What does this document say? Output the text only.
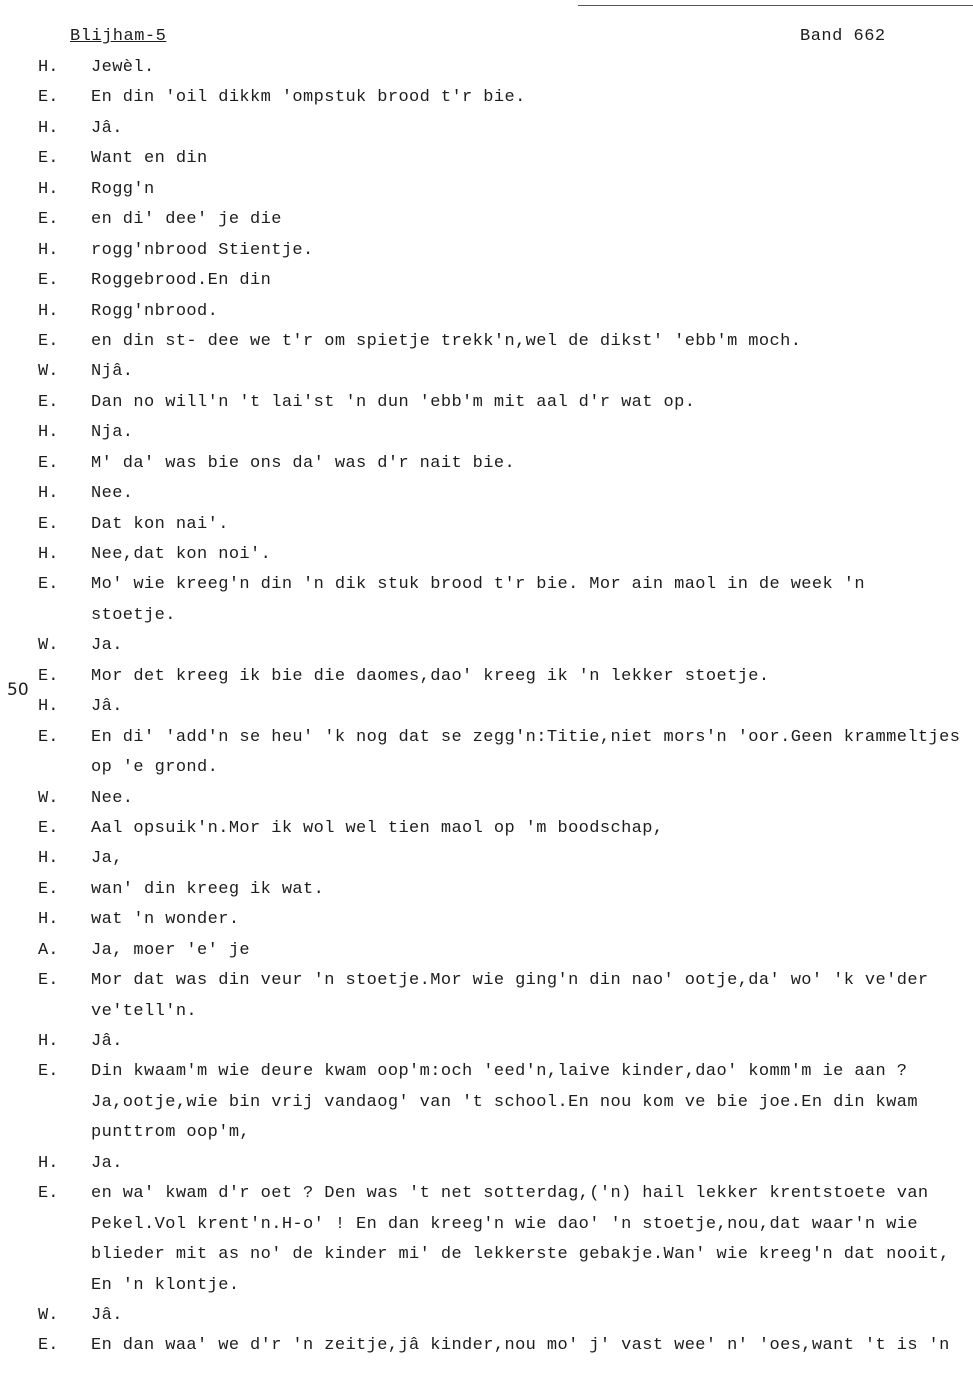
Blijham-5	Band 662
50
H. Jewèl.
E. En din 'oil dikkm 'ompstuk brood t'r bie.
H. Jâ.
E. Want en din
H. Rogg'n
E. en di' dee' je die
H. rogg'nbrood Stientje.
E. Roggebrood.En din
H. Rogg'nbrood.
E. en din st- dee we t'r om spietje trekk'n,wel de dikst' 'ebb'm moch.
W. Njâ.
E. Dan no will'n 't lai'st 'n dun 'ebb'm mit aal d'r wat op.
H. Nja.
E. M' da' was bie ons da' was d'r nait bie.
H. Nee.
E. Dat kon nai'.
H. Nee,dat kon noi'.
E. Mo' wie kreeg'n din 'n dik stuk brood t'r bie. Mor ain maol in de week 'n
stoetje.
W. Ja.
E. Mor det kreeg ik bie die daomes,dao' kreeg ik 'n lekker stoetje.
H. Jâ.
E. En di' 'add'n se heu' 'k nog dat se zegg'n:Titie,niet mors'n 'oor.Geen krammeltjes
op 'e grond.
W. Nee.
E. Aal opsuik'n.Mor ik wol wel tien maol op 'm boodschap,
H. Ja,
E. wan' din kreeg ik wat.
H. wat 'n wonder.
A. Ja, moer 'e' je
E. Mor dat was din veur 'n stoetje.Mor wie ging'n din nao' ootje,da' wo' 'k ve'der
ve'tell'n.
H. Jâ.
E. Din kwaam'm wie deure kwam oop'm:och 'eed'n,laive kinder,dao' komm'm ie aan ?
Ja,ootje,wie bin vrij vandaog' van 't school.En nou kom ve bie joe.En din kwam
punttrom oop'm,
H. Ja.
E. en wa' kwam d'r oet ? Den was 't net sotterdag,('n) hail lekker krentstoete van
Pekel.Vol krent'n.H-o' ! En dan kreeg'n wie dao' 'n stoetje,nou,dat waar'n wie
blieder mit as no' de kinder mi' de lekkerste gebakje.Wan' wie kreeg'n dat nooit,
En 'n klontje.
W. Jâ.
E. En dan waa' we d'r 'n zeitje,jâ kinder,nou mo' j' vast wee' n' 'oes,want 't is 'n
